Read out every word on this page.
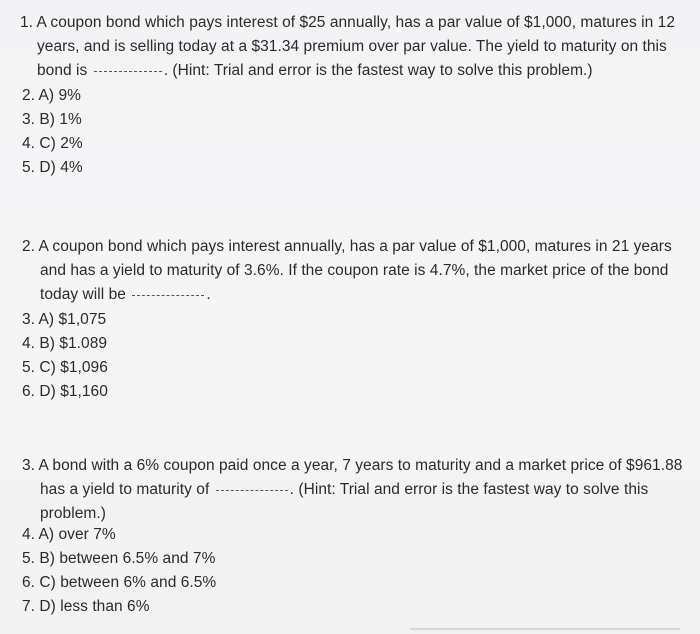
1. A coupon bond which pays interest of $25 annually, has a par value of $1,000, matures in 12
years, and is selling today at a $31.34 premium over par value. The yield to maturity on this
bond is	. (Hint: Trial and error is the fastest way to solve this problem.)
2. A) 9%
3. B) 1%
4. C) 2%
5. D) 4%
2. A coupon bond which pays interest annually, has a par value of $1,000, matures in 21 years
and has a yield to maturity of 3.6%. If the coupon rate is 4.7%, the market price of the bond
today will be	.
3. A) $1,075
4. B) $1.089
5. C) $1,096
6. D) $1,160
3. A bond with a 6% coupon paid once a year, 7 years to maturity and a market price of $961.88
has a yield to maturity of	. (Hint: Trial and error is the fastest way to solve this
problem.)
4. A) over 7%
5. B) between 6.5% and 7%
6. C) between 6% and 6.5%
7. D) less than 6%
